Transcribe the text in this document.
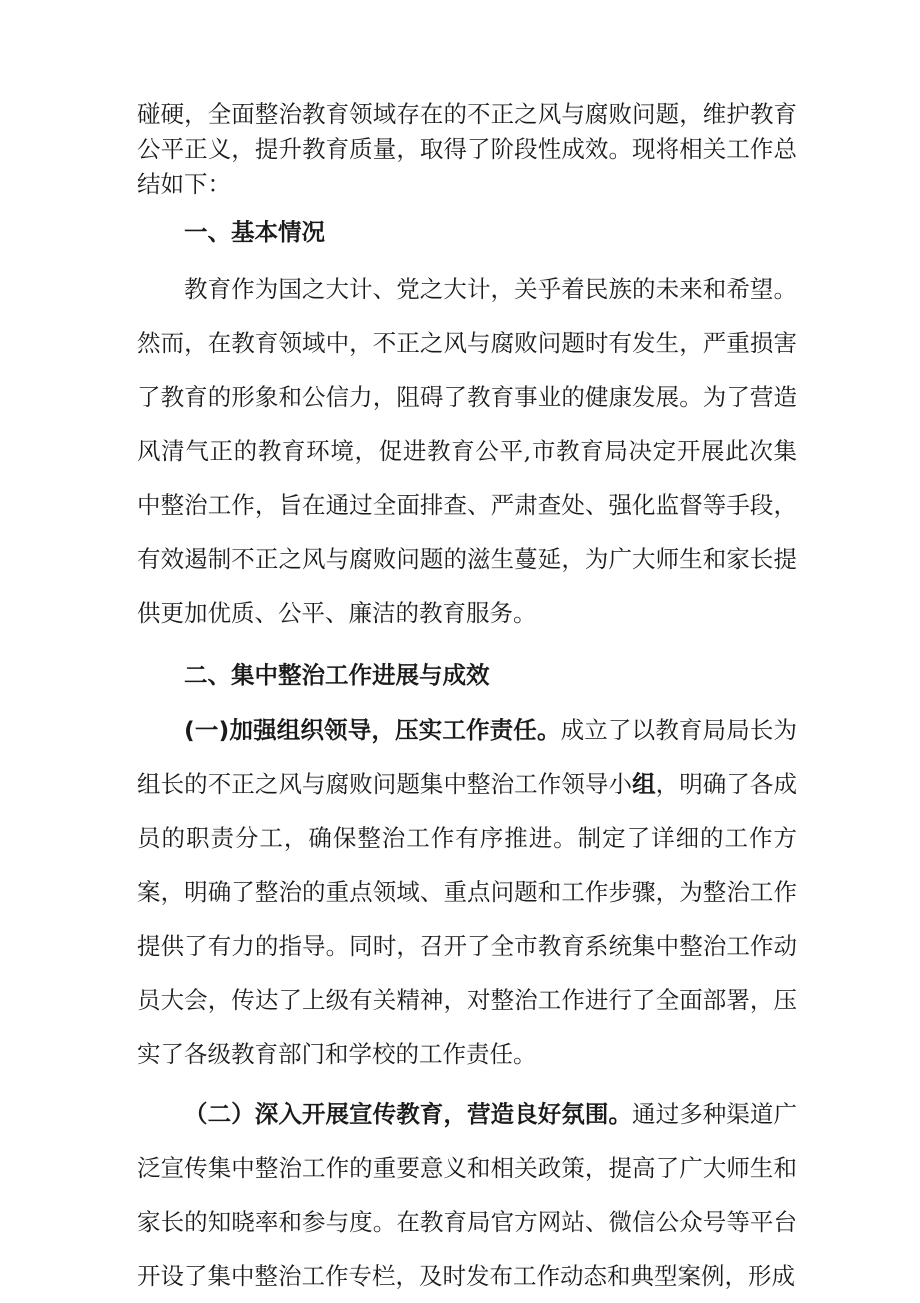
碰硬，全面整治教育领域存在的不正之风与腐败问题，维护教育公平正义，提升教育质量，取得了阶段性成效。现将相关工作总结如下：

一、基本情况

教育作为国之大计、党之大计，关乎着民族的未来和希望。然而，在教育领域中，不正之风与腐败问题时有发生，严重损害了教育的形象和公信力，阻碍了教育事业的健康发展。为了营造风清气正的教育环境，促进教育公平,市教育局决定开展此次集中整治工作，旨在通过全面排查、严肃查处、强化监督等手段，有效遏制不正之风与腐败问题的滋生蔓延，为广大师生和家长提供更加优质、公平、廉洁的教育服务。

二、集中整治工作进展与成效

(一)加强组织领导，压实工作责任。成立了以教育局局长为组长的不正之风与腐败问题集中整治工作领导小组，明确了各成员的职责分工，确保整治工作有序推进。制定了详细的工作方案，明确了整治的重点领域、重点问题和工作步骤，为整治工作提供了有力的指导。同时，召开了全市教育系统集中整治工作动员大会，传达了上级有关精神，对整治工作进行了全面部署，压实了各级教育部门和学校的工作责任。

（二）深入开展宣传教育，营造良好氛围。通过多种渠道广泛宣传集中整治工作的重要意义和相关政策，提高了广大师生和家长的知晓率和参与度。在教育局官方网站、微信公众号等平台开设了集中整治工作专栏，及时发布工作动态和典型案例，形成
